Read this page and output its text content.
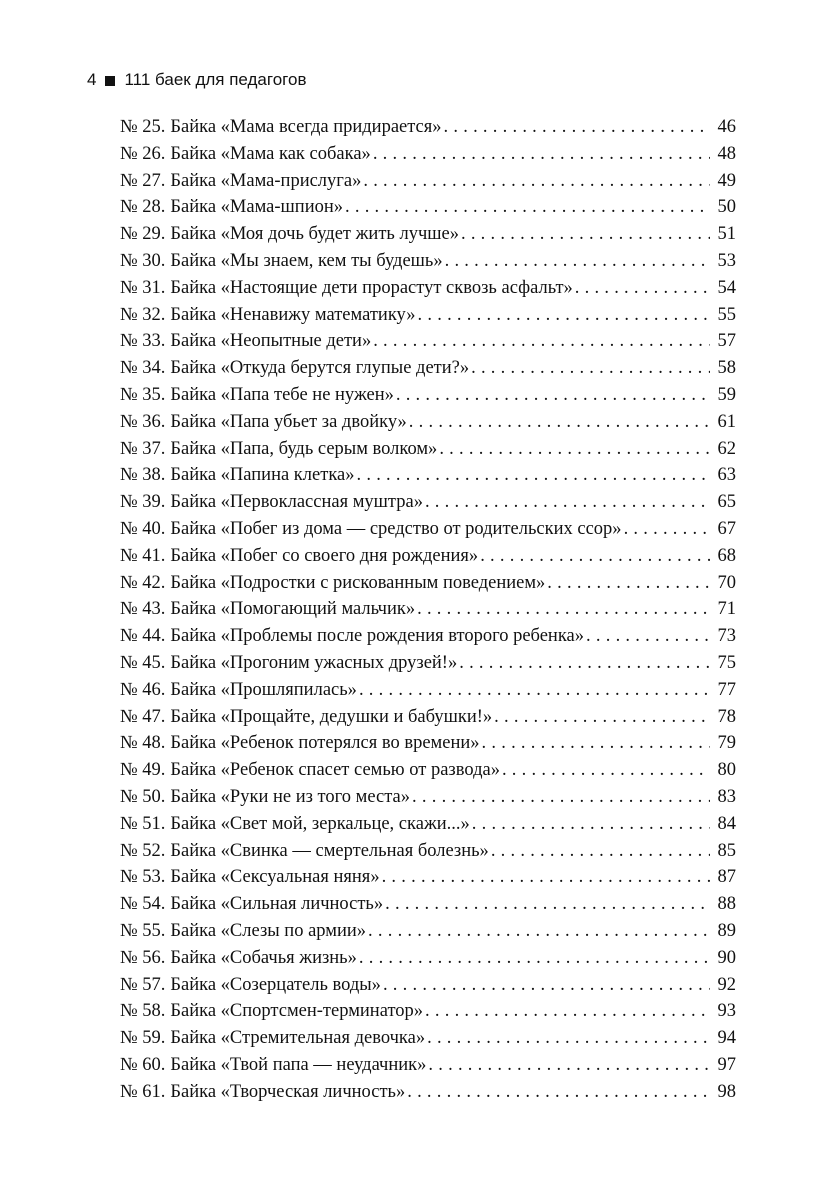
4 111 баек для педагогов
№ 25. Байка «Мама всегда придирается» . . .	46
№ 26. Байка «Мама как собака» . . .	48
№ 27. Байка «Мама-прислуга» . . .	49
№ 28. Байка «Мама-шпион» . . .	50
№ 29. Байка «Моя дочь будет жить лучше» . . .	51
№ 30. Байка «Мы знаем, кем ты будешь» . . .	53
№ 31. Байка «Настоящие дети прорастут сквозь асфальт» . . .	54
№ 32. Байка «Ненавижу математику» . . .	55
№ 33. Байка «Неопытные дети» . . .	57
№ 34. Байка «Откуда берутся глупые дети?» . . .	58
№ 35. Байка «Папа тебе не нужен» . . .	59
№ 36. Байка «Папа убьет за двойку» . . .	61
№ 37. Байка «Папа, будь серым волком» . . .	62
№ 38. Байка «Папина клетка» . . .	63
№ 39. Байка «Первоклассная муштра» . . .	65
№ 40. Байка «Побег из дома — средство от родительских ссор» . . .	67
№ 41. Байка «Побег со своего дня рождения» . . .	68
№ 42. Байка «Подростки с рискованным поведением» . . .	70
№ 43. Байка «Помогающий мальчик» . . .	71
№ 44. Байка «Проблемы после рождения второго ребенка» . . .	73
№ 45. Байка «Прогоним ужасных друзей!» . . .	75
№ 46. Байка «Прошляпилась» . . .	77
№ 47. Байка «Прощайте, дедушки и бабушки!» . . .	78
№ 48. Байка «Ребенок потерялся во времени» . . .	79
№ 49. Байка «Ребенок спасет семью от развода» . . .	80
№ 50. Байка «Руки не из того места» . . .	83
№ 51. Байка «Свет мой, зеркальце, скажи...» . . .	84
№ 52. Байка «Свинка — смертельная болезнь» . . .	85
№ 53. Байка «Сексуальная няня» . . .	87
№ 54. Байка «Сильная личность» . . .	88
№ 55. Байка «Слезы по армии» . . .	89
№ 56. Байка «Собачья жизнь» . . .	90
№ 57. Байка «Созерцатель воды» . . .	92
№ 58. Байка «Спортсмен-терминатор» . . .	93
№ 59. Байка «Стремительная девочка» . . .	94
№ 60. Байка «Твой папа — неудачник» . . .	97
№ 61. Байка «Творческая личность» . . .	98
